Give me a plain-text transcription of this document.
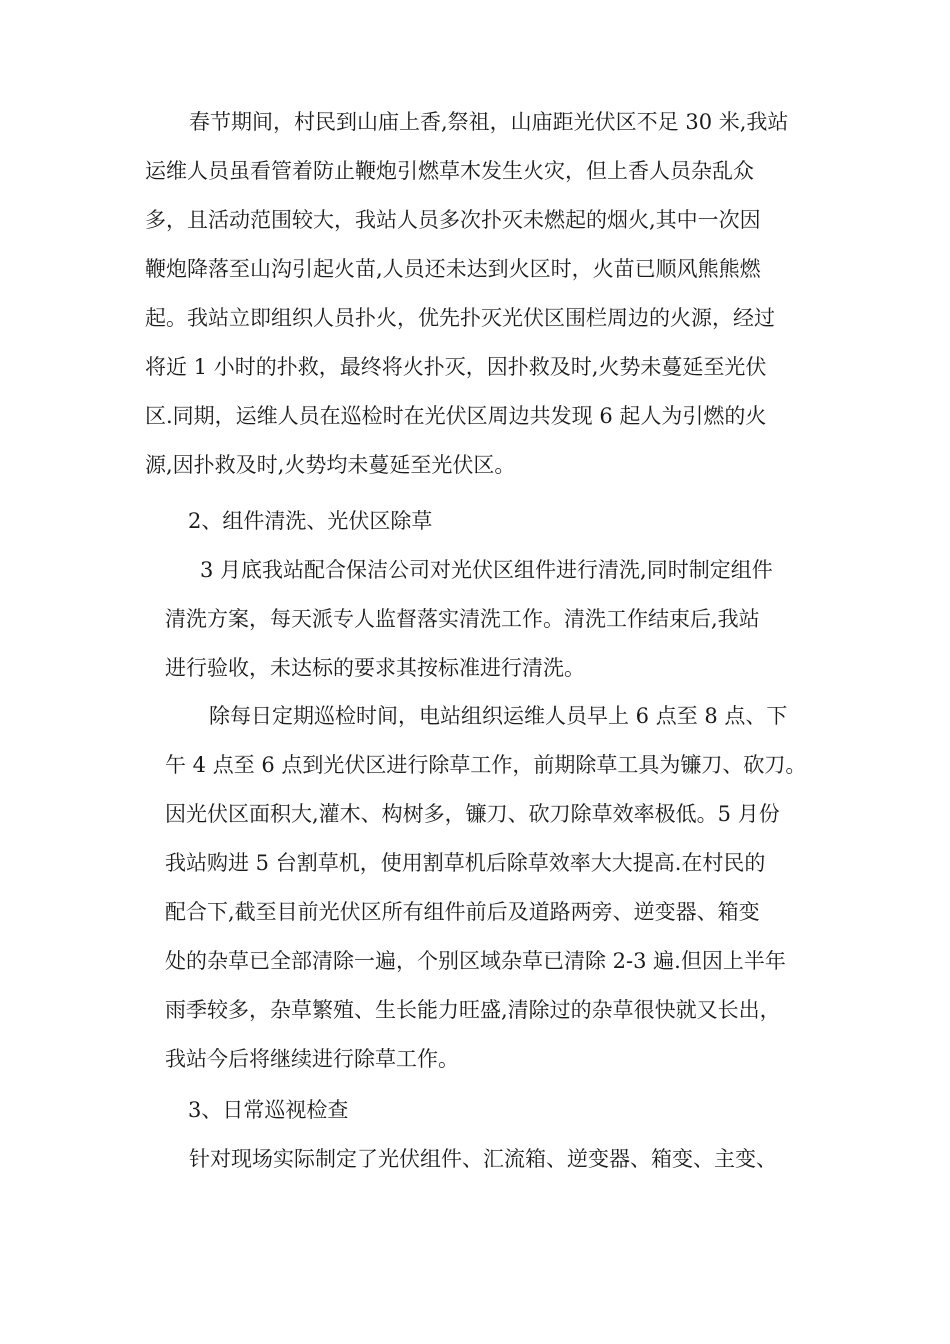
春节期间，村民到山庙上香,祭祖，山庙距光伏区不足 30 米,我站
运维人员虽看管着防止鞭炮引燃草木发生火灾，但上香人员杂乱众
多，且活动范围较大，我站人员多次扑灭未燃起的烟火,其中一次因
鞭炮降落至山沟引起火苗,人员还未达到火区时，火苗已顺风熊熊燃
起。我站立即组织人员扑火，优先扑灭光伏区围栏周边的火源，经过
将近 1 小时的扑救，最终将火扑灭，因扑救及时,火势未蔓延至光伏
区.同期，运维人员在巡检时在光伏区周边共发现 6 起人为引燃的火
源,因扑救及时,火势均未蔓延至光伏区。

2、组件清洗、光伏区除草

3 月底我站配合保洁公司对光伏区组件进行清洗,同时制定组件
清洗方案，每天派专人监督落实清洗工作。清洗工作结束后,我站
进行验收，未达标的要求其按标准进行清洗。

除每日定期巡检时间，电站组织运维人员早上 6 点至 8 点、下
午 4 点至 6 点到光伏区进行除草工作，前期除草工具为镰刀、砍刀。
因光伏区面积大,灌木、构树多，镰刀、砍刀除草效率极低。5 月份
我站购进 5 台割草机，使用割草机后除草效率大大提高.在村民的
配合下,截至目前光伏区所有组件前后及道路两旁、逆变器、箱变
处的杂草已全部清除一遍，个别区域杂草已清除 2-3 遍.但因上半年
雨季较多，杂草繁殖、生长能力旺盛,清除过的杂草很快就又长出，
我站今后将继续进行除草工作。

3、日常巡视检查

针对现场实际制定了光伏组件、汇流箱、逆变器、箱变、主变、
